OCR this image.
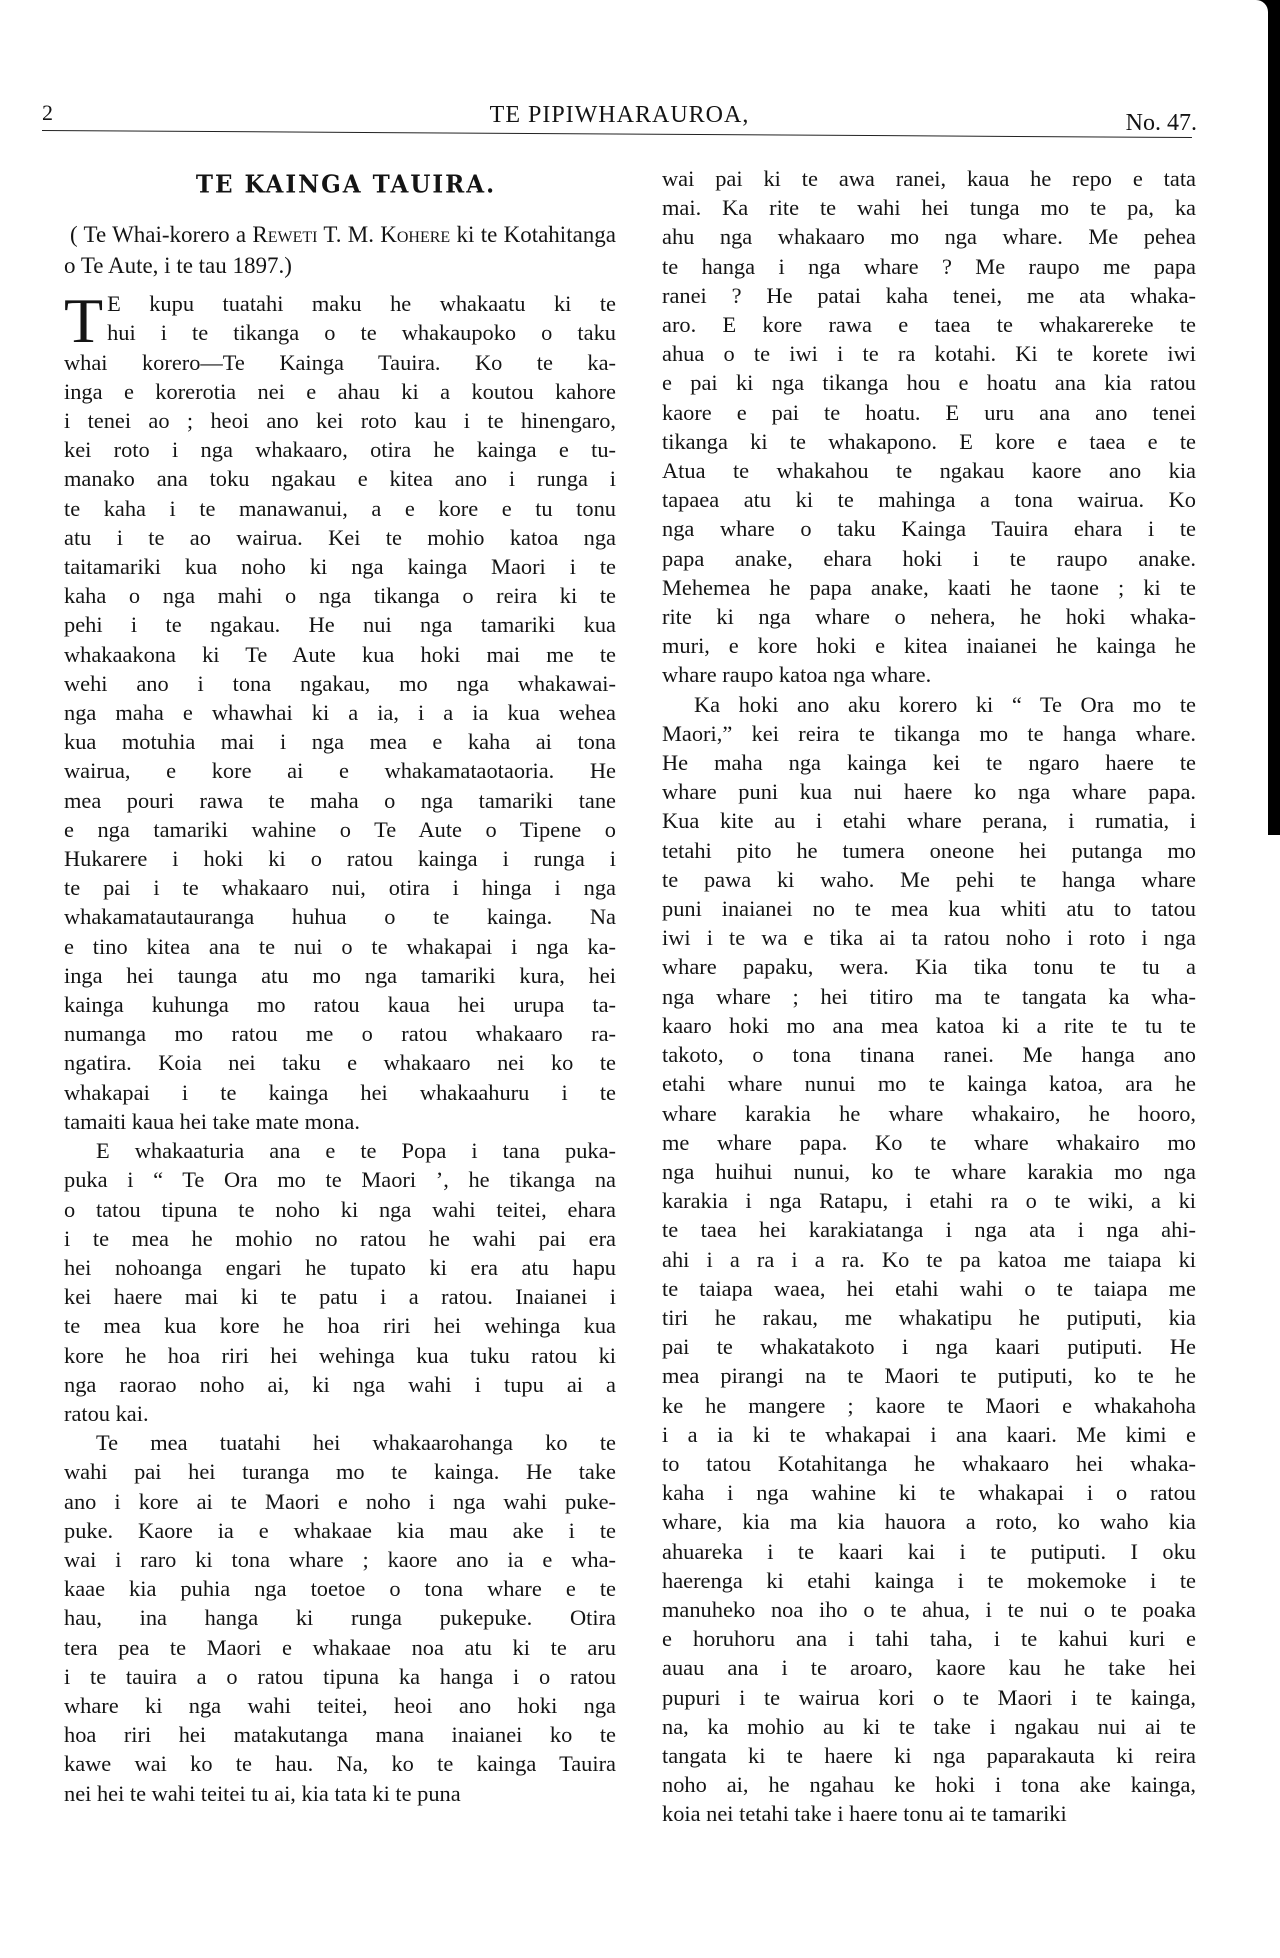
2	TE PIPIWHARAUROA,	No. 47.
TE KAINGA TAUIRA.

( Te Whai-korero a Reweti T. M. Kohere ki te Kotahitanga o Te Aute, i te tau 1897.)

T E kupu tuatahi maku he whakaatu ki te
hui i te tikanga o te whakaupoko o taku
whai korero—Te Kainga Tauira. Ko te ka-
inga e korerotia nei e ahau ki a koutou kahore
i tenei ao ; heoi ano kei roto kau i te hinengaro,
kei roto i nga whakaaro, otira he kainga e tu-
manako ana toku ngakau e kitea ano i runga i
te kaha i te manawanui, a e kore e tu tonu
atu i te ao wairua. Kei te mohio katoa nga
taitamariki kua noho ki nga kainga Maori i te
kaha o nga mahi o nga tikanga o reira ki te
pehi i te ngakau. He nui nga tamariki kua
whakaakona ki Te Aute kua hoki mai me te
wehi ano i tona ngakau, mo nga whakawai-
nga maha e whawhai ki a ia, i a ia kua wehea
kua motuhia mai i nga mea e kaha ai tona
wairua, e kore ai e whakamataotaoria. He
mea pouri rawa te maha o nga tamariki tane
e nga tamariki wahine o Te Aute o Tipene o
Hukarere i hoki ki o ratou kainga i runga i
te pai i te whakaaro nui, otira i hinga i nga
whakamatautauranga huhua o te kainga. Na
e tino kitea ana te nui o te whakapai i nga ka-
inga hei taunga atu mo nga tamariki kura, hei
kainga kuhunga mo ratou kaua hei urupa ta-
numanga mo ratou me o ratou whakaaro ra-
ngatira. Koia nei taku e whakaaro nei ko te
whakapai i te kainga hei whakaahuru i te
tamaiti kaua hei take mate mona.

E whakaaturia ana e te Popa i tana puka-
puka i “ Te Ora mo te Maori ’, he tikanga na
o tatou tipuna te noho ki nga wahi teitei, ehara
i te mea he mohio no ratou he wahi pai era
hei nohoanga engari he tupato ki era atu hapu
kei haere mai ki te patu i a ratou. Inaianei i
te mea kua kore he hoa riri hei wehinga kua
kore he hoa riri hei wehinga kua tuku ratou ki
nga raorao noho ai, ki nga wahi i tupu ai a
ratou kai.

Te mea tuatahi hei whakaarohanga ko te
wahi pai hei turanga mo te kainga. He take
ano i kore ai te Maori e noho i nga wahi puke-
puke. Kaore ia e whakaae kia mau ake i te
wai i raro ki tona whare ; kaore ano ia e wha-
kaae kia puhia nga toetoe o tona whare e te
hau, ina hanga ki runga pukepuke. Otira
tera pea te Maori e whakaae noa atu ki te aru
i te tauira a o ratou tipuna ka hanga i o ratou
whare ki nga wahi teitei, heoi ano hoki nga
hoa riri hei matakutanga mana inaianei ko te
kawe wai ko te hau. Na, ko te kainga Tauira
nei hei te wahi teitei tu ai, kia tata ki te puna

wai pai ki te awa ranei, kaua he repo e tata
mai. Ka rite te wahi hei tunga mo te pa, ka
ahu nga whakaaro mo nga whare. Me pehea
te hanga i nga whare ? Me raupo me papa
ranei ? He patai kaha tenei, me ata whaka-
aro. E kore rawa e taea te whakarereke te
ahua o te iwi i te ra kotahi. Ki te korete iwi
e pai ki nga tikanga hou e hoatu ana kia ratou
kaore e pai te hoatu. E uru ana ano tenei
tikanga ki te whakapono. E kore e taea e te
Atua te whakahou te ngakau kaore ano kia
tapaea atu ki te mahinga a tona wairua. Ko
nga whare o taku Kainga Tauira ehara i te
papa anake, ehara hoki i te raupo anake.
Mehemea he papa anake, kaati he taone ; ki te
rite ki nga whare o nehera, he hoki whaka-
muri, e kore hoki e kitea inaianei he kainga he
whare raupo katoa nga whare.

Ka hoki ano aku korero ki “ Te Ora mo te
Maori,” kei reira te tikanga mo te hanga whare.
He maha nga kainga kei te ngaro haere te
whare puni kua nui haere ko nga whare papa.
Kua kite au i etahi whare perana, i rumatia, i
tetahi pito he tumera oneone hei putanga mo
te pawa ki waho. Me pehi te hanga whare
puni inaianei no te mea kua whiti atu to tatou
iwi i te wa e tika ai ta ratou noho i roto i nga
whare papaku, wera. Kia tika tonu te tu a
nga whare ; hei titiro ma te tangata ka wha-
kaaro hoki mo ana mea katoa ki a rite te tu te
takoto, o tona tinana ranei. Me hanga ano
etahi whare nunui mo te kainga katoa, ara he
whare karakia he whare whakairo, he hooro,
me whare papa. Ko te whare whakairo mo
nga huihui nunui, ko te whare karakia mo nga
karakia i nga Ratapu, i etahi ra o te wiki, a ki
te taea hei karakiatanga i nga ata i nga ahi-
ahi i a ra i a ra. Ko te pa katoa me taiapa ki
te taiapa waea, hei etahi wahi o te taiapa me
tiri he rakau, me whakatipu he putiputi, kia
pai te whakatakoto i nga kaari putiputi. He
mea pirangi na te Maori te putiputi, ko te he
ke he mangere ; kaore te Maori e whakahoha
i a ia ki te whakapai i ana kaari. Me kimi e
to tatou Kotahitanga he whakaaro hei whaka-
kaha i nga wahine ki te whakapai i o ratou
whare, kia ma kia hauora a roto, ko waho kia
ahuareka i te kaari kai i te putiputi. I oku
haerenga ki etahi kainga i te mokemoke i te
manuheko noa iho o te ahua, i te nui o te poaka
e horuhoru ana i tahi taha, i te kahui kuri e
auau ana i te aroaro, kaore kau he take hei
pupuri i te wairua kori o te Maori i te kainga,
na, ka mohio au ki te take i ngakau nui ai te
tangata ki te haere ki nga paparakauta ki reira
noho ai, he ngahau ke hoki i tona ake kainga,
koia nei tetahi take i haere tonu ai te tamariki
